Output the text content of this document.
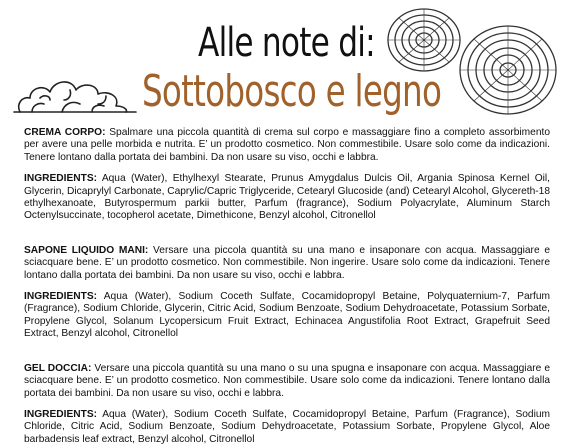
Alle note di:
Sottobosco e legno

CREMA CORPO: Spalmare una piccola quantità di crema sul corpo e massaggiare fino a completo assorbimento per avere una pelle morbida e nutrita. E’ un prodotto cosmetico. Non commestibile. Usare solo come da indicazioni. Tenere lontano dalla portata dei bambini. Da non usare su viso, occhi e labbra.

INGREDIENTS: Aqua (Water), Ethylhexyl Stearate, Prunus Amygdalus Dulcis Oil, Argania Spinosa Kernel Oil, Glycerin, Dicaprylyl Carbonate, Caprylic/Capric Triglyceride, Cetearyl Glucoside (and) Cetearyl Alcohol, Glycereth-18 ethylhexanoate, Butyrospermum parkii butter, Parfum (fragrance), Sodium Polyacrylate, Aluminum Starch Octenylsuccinate, tocopherol acetate, Dimethicone, Benzyl alcohol, Citronellol

SAPONE LIQUIDO MANI: Versare una piccola quantità su una mano e insaponare con acqua. Massaggiare e sciacquare bene. E’ un prodotto cosmetico. Non commestibile. Non ingerire. Usare solo come da indicazioni. Tenere lontano dalla portata dei bambini. Da non usare su viso, occhi e labbra.

INGREDIENTS: Aqua (Water), Sodium Coceth Sulfate, Cocamidopropyl Betaine, Polyquaternium-7, Parfum (Fragrance), Sodium Chloride, Glycerin, Citric Acid, Sodium Benzoate, Sodium Dehydroacetate, Potassium Sorbate, Propylene Glycol, Solanum Lycopersicum Fruit Extract, Echinacea Angustifolia Root Extract, Grapefruit Seed Extract, Benzyl alcohol, Citronellol

GEL DOCCIA: Versare una piccola quantità su una mano o su una spugna e insaponare con acqua. Massaggiare e sciacquare bene. E’ un prodotto cosmetico. Non commestibile. Usare solo come da indicazioni. Tenere lontano dalla portata dei bambini. Da non usare su viso, occhi e labbra.

INGREDIENTS: Aqua (Water), Sodium Coceth Sulfate, Cocamidopropyl Betaine, Parfum (Fragrance), Sodium Chloride, Citric Acid, Sodium Benzoate, Sodium Dehydroacetate, Potassium Sorbate, Propylene Glycol, Aloe barbadensis leaf extract, Benzyl alcohol, Citronellol
